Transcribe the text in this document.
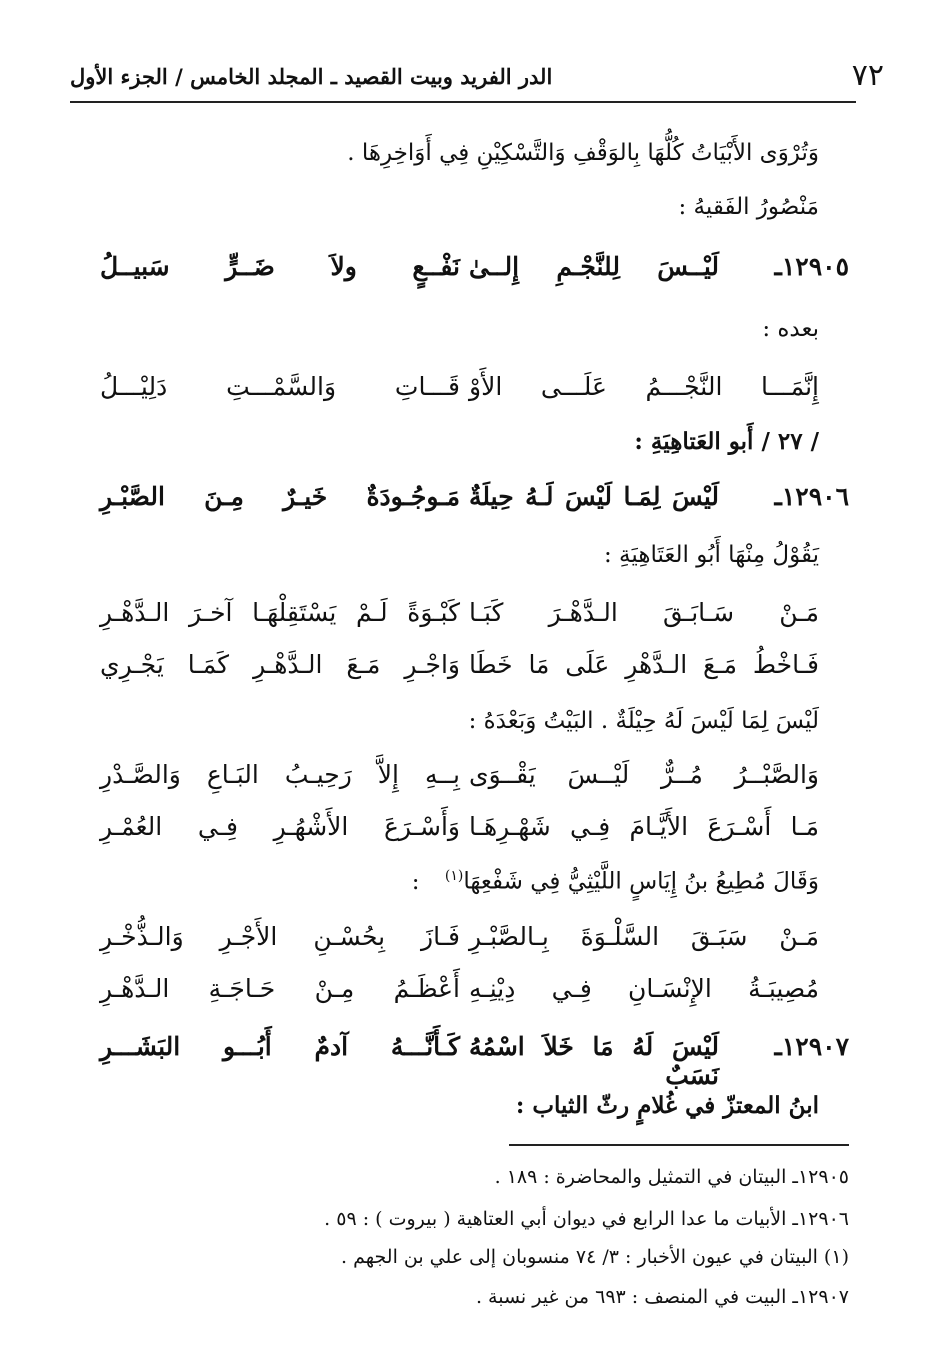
٧٢
الدر الفريد وبيت القصيد ـ المجلد الخامس / الجزء الأول
وَتُرْوَى الأَبْيَاتُ كُلُّهَا بِالوَقْفِ وَالتَّسْكِيْنِ فِي أَوَاخِرِهَا .
مَنْصُورُ الفَقيهُ :
١٢٩٠٥ـ
لَيْــسَ لِلنَّجْـمِ إِلــىٰ
نَفْــعٍ ولاَ ضَــرٍّ سَبيــلُ
بعده :
إِنَّمَـــا النَّجْـــمُ عَلَـــى الأَوْ
قَـــاتِ وَالسَّمْـــتِ دَلِيْـــلُ
/ ٢٧ / أَبو العَتاهِيَةِ :
١٢٩٠٦ـ
لَيْسَ لِمَـا لَيْسَ لَـهُ حِيلَةٌ
مَـوجُـودَةٌ خَيـرٌ مِـنَ الصَّبْـرِ
يَقُوْلُ مِنْهَا أَبُو العَتَاهِيَةِ :
مَـنْ سَـابَـقَ الـدَّهْـرَ كَبَـا
كَبْـوَةً لَـمْ يَسْتَقِلْهَـا آخـرَ الـدَّهْـرِ
فَـاخْطُ مَـعَ الـدَّهْرِ عَلَى مَا خَطَا
وَاجْـرِ مَـعَ الـدَّهْـرِ كَمَـا يَجْـرِي
لَيْسَ لِمَا لَيْسَ لَهُ حِيْلَةٌ . البَيْتُ وَبَعْدَهُ :
وَالصَّبْــرُ مُــرٌّ لَيْــسَ يَقْــوَى
بِــهِ إِلاَّ رَحِيـبُ البَـاعِ وَالصَّـدْرِ
مَـا أَسْـرَعَ الأَيَّـامَ فِـي شَهْـرِهَـا
وَأَسْـرَعَ الأَشْهُـرِ فِـي العُمْـرِ
وَقَالَ مُطِيعُ بنُ إِيَاسٍ اللَّيْثِيُّ فِي شَفْعِهَا$^{(١)}$ :
مَـنْ سَبَـقَ السَّلْـوَةَ بِـالصَّبْـرِ
فَـازَ بِحُسْـنِ الأَجْـرِ وَالـذُّخْـرِ
مُصِيبَـةُ الإِنْسَـانِ فِـي دِيْنِـهِ
أَعْظَـمُ مِـنْ حَـاجَـةِ الـدَّهْـرِ
١٢٩٠٧ـ
لَيْسَ لَهُ مَا خَلاَ اسْمُهُ نَسَبٌ
كَـأَنَّـــهُ آدمٌ أَبُـــو البَشَـــرِ
ابنُ المعتزّ في غُلامٍ رثّ الثياب :
١٢٩٠٥ـ البيتان في التمثيل والمحاضرة : ١٨٩ .
١٢٩٠٦ـ الأبيات ما عدا الرابع في ديوان أبي العتاهية ( بيروت ) : ٥٩ .
(١) البيتان في عيون الأخبار : ٣/ ٧٤ منسوبان إلى علي بن الجهم .
١٢٩٠٧ـ البيت في المنصف : ٦٩٣ من غير نسبة .
